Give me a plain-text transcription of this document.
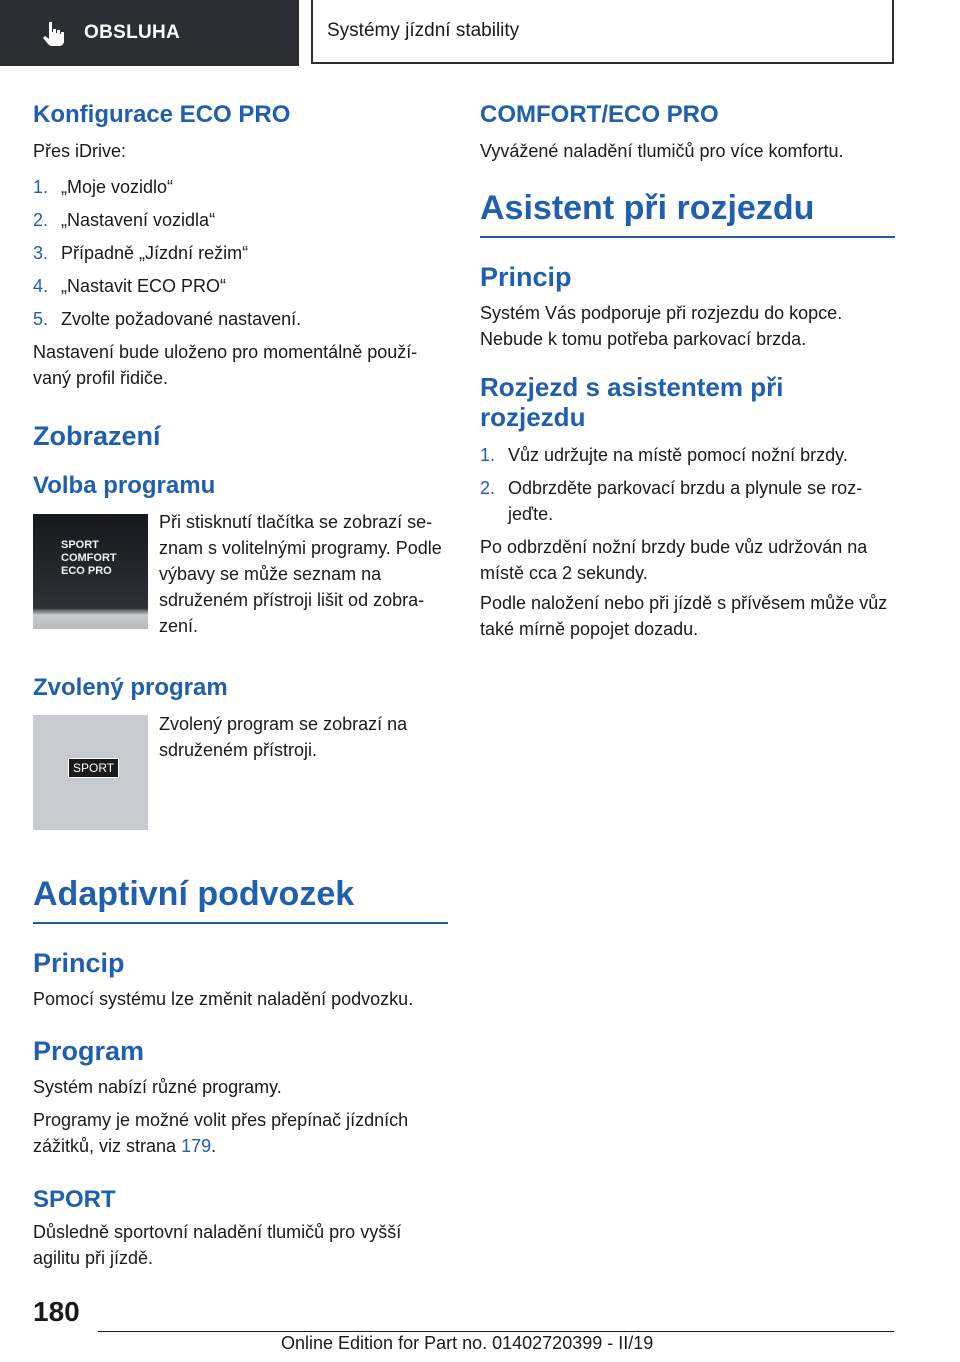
OBSLUHA	Systémy jízdní stability
Konfigurace ECO PRO

Přes iDrive:

1. „Moje vozidlo“
2. „Nastavení vozidla“
3. Případně „Jízdní režim“
4. „Nastavit ECO PRO“
5. Zvolte požadované nastavení.

Nastavení bude uloženo pro momentálně použí-vaný profil řidiče.

Zobrazení
Volba programu
SPORT
COMFORT
ECO PRO

Při stisknutí tlačítka se zobrazí se-znam s volitelnými programy. Podle výbavy se může seznam na sdruženém přístroji lišit od zobra-zení.

Zvolený program
SPORT

Zvolený program se zobrazí na sdruženém přístroji.

Adaptivní podvozek
Princip

Pomocí systému lze změnit naladění podvozku.

Program

Systém nabízí různé programy.

Programy je možné volit přes přepínač jízdních zážitků, viz strana 179.

SPORT

Důsledně sportovní naladění tlumičů pro vyšší agilitu při jízdě.

COMFORT/ECO PRO

Vyvážené naladění tlumičů pro více komfortu.

Asistent při rozjezdu
Princip

Systém Vás podporuje při rozjezdu do kopce. Nebude k tomu potřeba parkovací brzda.

Rozjezd s asistentem při rozjezdu
1. Vůz udržujte na místě pomocí nožní brzdy.
2. Odbrzděte parkovací brzdu a plynule se roz-jeďte.

Po odbrzdění nožní brzdy bude vůz udržován na místě cca 2 sekundy.

Podle naložení nebo při jízdě s přívěsem může vůz také mírně popojet dozadu.

180
Online Edition for Part no. 01402720399 - II/19
